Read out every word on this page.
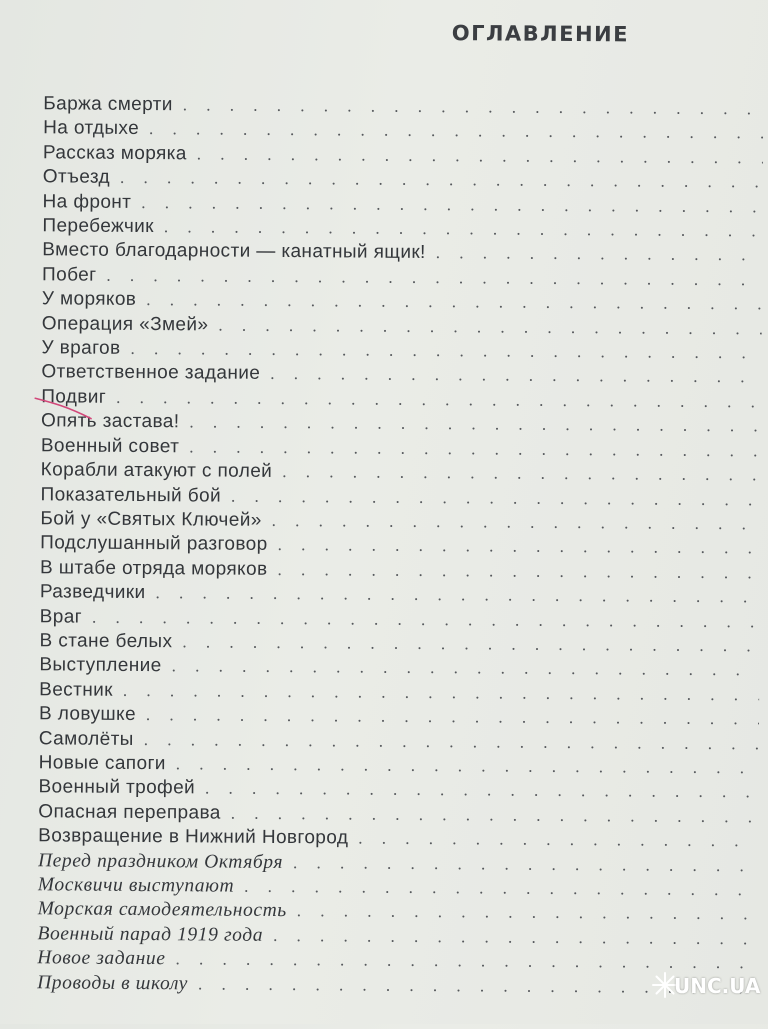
ОГЛАВЛЕНИЕ
Баржа смерти . . .
На отдыхе . . .
Рассказ моряка . . .
Отъезд . . .
На фронт . . .
Перебежчик . . .
Вместо благодарности — канатный ящик! . . .
Побег . . .
У моряков . . .
Операция «Змей» . . .
У врагов . . .
Ответственное задание . . .
Подвиг . . .
Опять застава! . . .
Военный совет . . .
Корабли атакуют с полей . . .
Показательный бой . . .
Бой у «Святых Ключей» . . .
Подслушанный разговор . . .
В штабе отряда моряков . . .
Разведчики . . .
Враг . . .
В стане белых . . .
Выступление . . .
Вестник . . .
В ловушке . . .
Самолёты . . .
Новые сапоги . . .
Военный трофей . . .
Опасная переправа . . .
Возвращение в Нижний Новгород . . .
Перед праздником Октября . . .
Москвичи выступают . . .
Морская самодеятельность . . .
Военный парад 1919 года . . .
Новое задание . . .
Проводы в школу . . .	UNC.UA
